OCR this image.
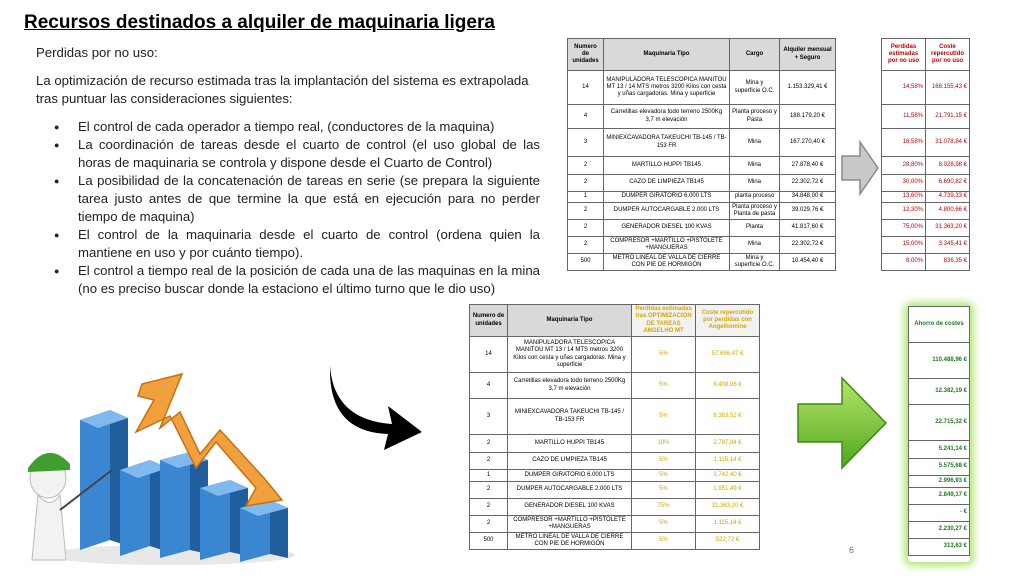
Recursos destinados a alquiler de maquinaria ligera

Perdidas por no uso:

La optimización de recurso estimada tras la implantación del sistema es extrapolada tras puntuar las consideraciones siguientes:

● El control de cada operador a tiempo real, (conductores de la maquina)
● La coordinación de tareas desde el cuarto de control (el uso global de las horas de maquinaria se controla y dispone desde el Cuarto de Control)
● La posibilidad de la concatenación de tareas en serie (se prepara la siguiente tarea justo antes de que termine la que está en ejecución para no perder tiempo de maquina)
● El control de la maquinaria desde el cuarto de control (ordena quien la mantiene en uso y por cuánto tiempo).
● El control a tiempo real de la posición de cada una de las maquinas en la mina (no es preciso buscar donde la estaciono el último turno que le dio uso)
Numero de unidades	Maquinaria Tipo	Cargo	Alquiler mensual + Seguro
14	MANIPULADORA TELESCOPICA MANITOU MT 13 / 14 MTS metros 3200 Kilos con cesta y uñas cargadoras. Mina y superficie	Mina y superficie O.C.	1.153.329,41 €
4	Carretillas elevadora todo terreno 2500Kg 3,7 m elevación	Planta proceso y Pasta	188.179,20 €
3	MINIEXCAVADORA TAKEUCHI TB-145 / TB-153 FR	Mina	167.270,40 €
2	MARTILLO HUPPI TB145	Mina	27.878,40 €
2	CAZO DE LIMPIEZA TB145	Mina	22.302,72 €
1	DUMPER GIRATORIO 6.000 LTS	planta proceso	34.848,00 €
2	DUMPER AUTOCARGABLE 2.000 LTS	Planta proceso y Planta de pasta	39.029,76 €
2	GENERADOR DIESEL 100 KVAS	Planta	41.817,60 €
2	COMPRESOR +MARTILLO +PISTOLETE +MANGUERAS	Mina	22.302,72 €
500	METRO LINEAL DE VALLA DE CIERRE CON PIE DE HORMIGÓN	Mina y superficie O.C.	10.454,40 €
Perdidas estimadas por no uso	Coste repercutido por no uso
14,58%	168.155,43 €
11,58%	21.791,15 €
18,58%	31.078,84 €
28,80%	8.028,98 €
30,00%	6.690,82 €
13,60%	4.739,33 €
12,30%	4.800,66 €
75,00%	31.363,20 €
15,00%	3.345,41 €
8,00%	836,35 €
Numero de unidades	Maquinaria Tipo	Perdidas estimadas tras OPTIMIZACION DE TAREAS ANGELHO MT	Coste repercutido por perdidas con Angelhomine
14	MANIPULADORA TELESCOPICA MANITOU MT 13 / 14 MTS metros 3200 Kilos con cesta y uñas cargadoras. Mina y superficie	5%	57.666,47 €
4	Carretillas elevadora todo terreno 2500Kg 3,7 m elevación	5%	9.408,96 €
3	MINIEXCAVADORA TAKEUCHI TB-145 / TB-153 FR	5%	8.363,52 €
2	MARTILLO HUPPI TB145	10%	2.787,84 €
2	CAZO DE LIMPIEZA TB145	5%	1.115,14 €
1	DUMPER GIRATORIO 6.000 LTS	5%	1.742,40 €
2	DUMPER AUTOCARGABLE 2.000 LTS	5%	1.951,49 €
2	GENERADOR DIESEL 100 KVAS	75%	31.363,20 €
2	COMPRESOR +MARTILLO +PISTOLETE +MANGUERAS	5%	1.115,14 €
500	METRO LINEAL DE VALLA DE CIERRE CON PIE DE HORMIGÓN	5%	522,72 €
Ahorro de costes
110.488,96 €
12.382,19 €
22.715,32 €
5.241,14 €
5.575,68 €
2.996,93 €
2.849,17 €
- €
2.230,27 €
313,63 €
6
